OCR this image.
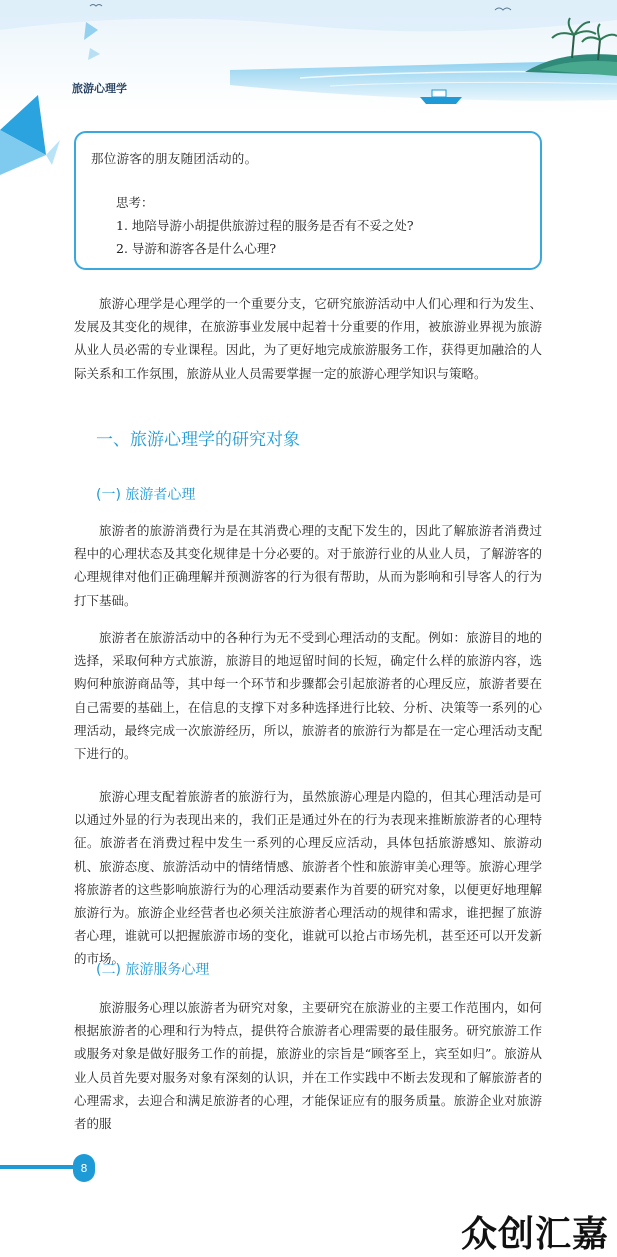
旅游心理学
那位游客的朋友随团活动的。
思考：
1. 地陪导游小胡提供旅游过程的服务是否有不妥之处?
2. 导游和游客各是什么心理?

旅游心理学是心理学的一个重要分支，它研究旅游活动中人们心理和行为发生、发展及其变化的规律，在旅游事业发展中起着十分重要的作用，被旅游业界视为旅游从业人员必需的专业课程。因此，为了更好地完成旅游服务工作，获得更加融洽的人际关系和工作氛围，旅游从业人员需要掌握一定的旅游心理学知识与策略。

一、旅游心理学的研究对象
(一) 旅游者心理

旅游者的旅游消费行为是在其消费心理的支配下发生的，因此了解旅游者消费过程中的心理状态及其变化规律是十分必要的。对于旅游行业的从业人员，了解游客的心理规律对他们正确理解并预测游客的行为很有帮助，从而为影响和引导客人的行为打下基础。

旅游者在旅游活动中的各种行为无不受到心理活动的支配。例如：旅游目的地的选择，采取何种方式旅游，旅游目的地逗留时间的长短，确定什么样的旅游内容，选购何种旅游商品等，其中每一个环节和步骤都会引起旅游者的心理反应，旅游者要在自己需要的基础上，在信息的支撑下对多种选择进行比较、分析、决策等一系列的心理活动，最终完成一次旅游经历，所以，旅游者的旅游行为都是在一定心理活动支配下进行的。

旅游心理支配着旅游者的旅游行为，虽然旅游心理是内隐的，但其心理活动是可以通过外显的行为表现出来的，我们正是通过外在的行为表现来推断旅游者的心理特征。旅游者在消费过程中发生一系列的心理反应活动，具体包括旅游感知、旅游动机、旅游态度、旅游活动中的情绪情感、旅游者个性和旅游审美心理等。旅游心理学将旅游者的这些影响旅游行为的心理活动要素作为首要的研究对象，以便更好地理解旅游行为。旅游企业经营者也必须关注旅游者心理活动的规律和需求，谁把握了旅游者心理，谁就可以把握旅游市场的变化，谁就可以抢占市场先机，甚至还可以开发新的市场。

(二) 旅游服务心理

旅游服务心理以旅游者为研究对象，主要研究在旅游业的主要工作范围内，如何根据旅游者的心理和行为特点，提供符合旅游者心理需要的最佳服务。研究旅游工作或服务对象是做好服务工作的前提，旅游业的宗旨是“顾客至上，宾至如归”。旅游从业人员首先要对服务对象有深刻的认识，并在工作实践中不断去发现和了解旅游者的心理需求，去迎合和满足旅游者的心理，才能保证应有的服务质量。旅游企业对旅游者的服

8
众创汇嘉
